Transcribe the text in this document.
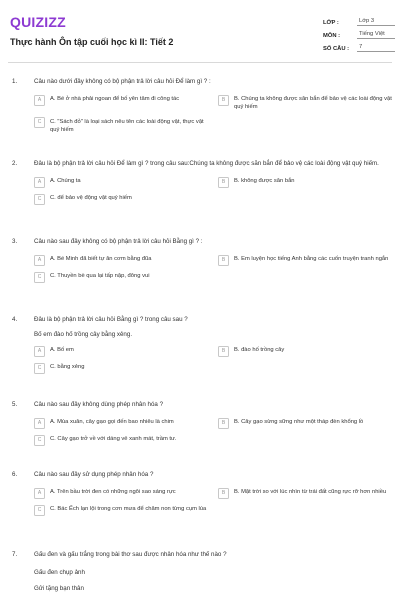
QUIZIZZ
Thực hành Ôn tập cuối học kì II: Tiết 2
LỚP :	Lớp 3
MÔN :	Tiếng Việt
SỐ CÂU :	7
1.	Câu nào dưới đây không có bộ phận trả lời câu hỏi Để làm gì ? :
A	A. Bé ở nhà phải ngoan để bố yên tâm đi công tác	B	B. Chúng ta không được săn bắn để bảo vệ các loài động vật quý hiếm
C	C. "Sách đỏ" là loại sách nêu tên các loài động vật, thực vật quý hiếm
2.	Đâu là bộ phận trả lời câu hỏi Để làm gì ? trong câu sau:Chúng ta không được săn bắn để bảo vệ các loài động vật quý hiếm.
A	A. Chúng ta	B	B. không được săn bắn
C	C. để bảo vệ động vật quý hiếm
3.	Câu nào sau đây không có bộ phận trả lời câu hỏi Bằng gì ? :
A	A. Bé Minh đã biết tự ăn cơm bằng đũa	B	B. Em luyện học tiếng Anh bằng các cuốn truyện tranh ngắn
C	C. Thuyền bè qua lại tấp nập, đông vui
4.	Đâu là bộ phận trả lời câu hỏi Bằng gì ? trong câu sau ?
Bố em đào hố trồng cây bằng xẻng.
A	A. Bố em	B	B. đào hố trồng cây
C	C. bằng xẻng
5.	Câu nào sau đây không dùng phép nhân hóa ?
A	A. Mùa xuân, cây gạo gọi đến bao nhiêu là chim	B	B. Cây gạo sừng sững như một tháp đèn khổng lồ
C	C. Cây gạo trở về với dáng vẻ xanh mát, trầm tư.
6.	Câu nào sau đây sử dụng phép nhân hóa ?
A	A. Trên bầu trời đen có những ngôi sao sáng rực	B	B. Mặt trời so với lúc nhìn từ trái đất cũng rực rỡ hơn nhiều
C	C. Bác Ếch lạn lội trong cơn mưa để chăm non từng cụm lúa
7.	Gấu đen và gấu trắng trong bài thơ sau được nhân hóa như thế nào ?
Gấu đen chụp ảnh
Gửi tặng bạn thân
